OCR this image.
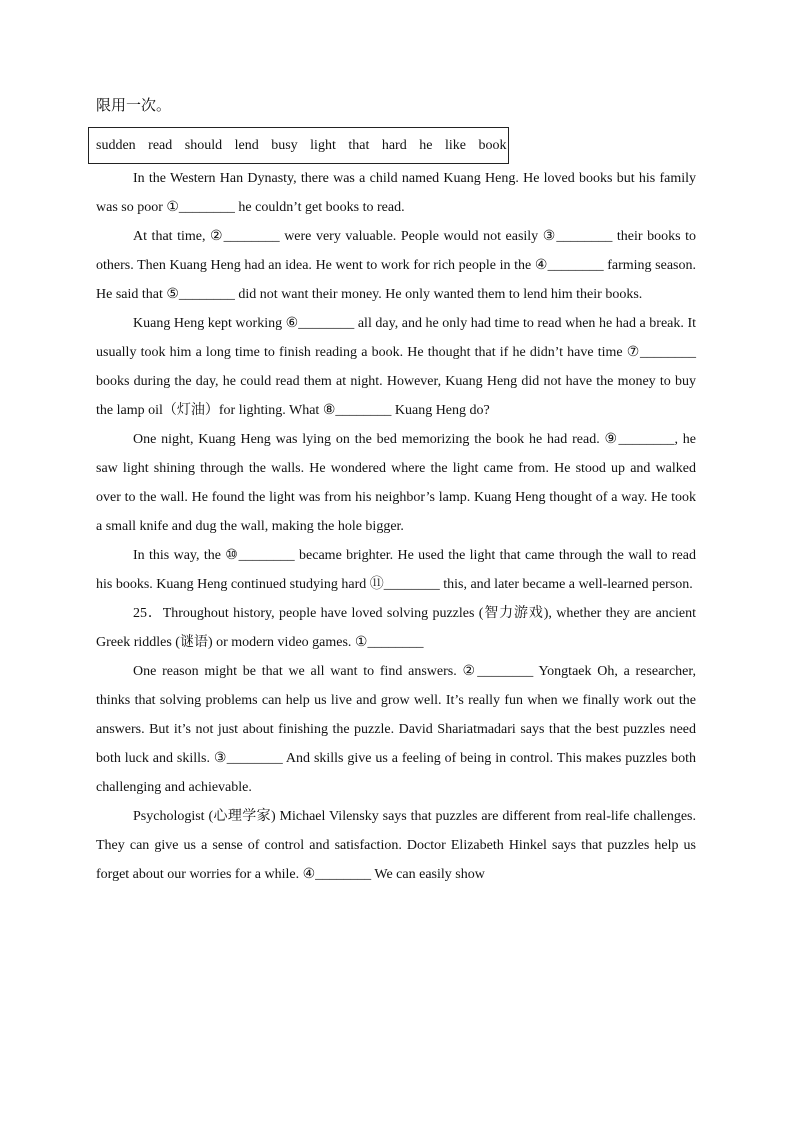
限用一次。
sudden read should lend busy light that hard he like book

In the Western Han Dynasty, there was a child named Kuang Heng. He loved books but his family was so poor ①________ he couldn’t get books to read.

At that time, ②________ were very valuable. People would not easily ③________ their books to others. Then Kuang Heng had an idea. He went to work for rich people in the ④________ farming season. He said that ⑤________ did not want their money. He only wanted them to lend him their books.

Kuang Heng kept working ⑥________ all day, and he only had time to read when he had a break. It usually took him a long time to finish reading a book. He thought that if he didn’t have time ⑦________ books during the day, he could read them at night. However, Kuang Heng did not have the money to buy the lamp oil（灯油）for lighting. What ⑧________ Kuang Heng do?

One night, Kuang Heng was lying on the bed memorizing the book he had read. ⑨________, he saw light shining through the walls. He wondered where the light came from. He stood up and walked over to the wall. He found the light was from his neighbor’s lamp. Kuang Heng thought of a way. He took a small knife and dug the wall, making the hole bigger.

In this way, the ⑩________ became brighter. He used the light that came through the wall to read his books. Kuang Heng continued studying hard ⑪________ this, and later became a well-learned person.

25．Throughout history, people have loved solving puzzles (智力游戏), whether they are ancient Greek riddles (谜语) or modern video games. ①________

One reason might be that we all want to find answers. ②________ Yongtaek Oh, a researcher, thinks that solving problems can help us live and grow well. It’s really fun when we finally work out the answers. But it’s not just about finishing the puzzle. David Shariatmadari says that the best puzzles need both luck and skills. ③________ And skills give us a feeling of being in control. This makes puzzles both challenging and achievable.

Psychologist (心理学家) Michael Vilensky says that puzzles are different from real-life challenges. They can give us a sense of control and satisfaction. Doctor Elizabeth Hinkel says that puzzles help us forget about our worries for a while. ④________ We can easily show
